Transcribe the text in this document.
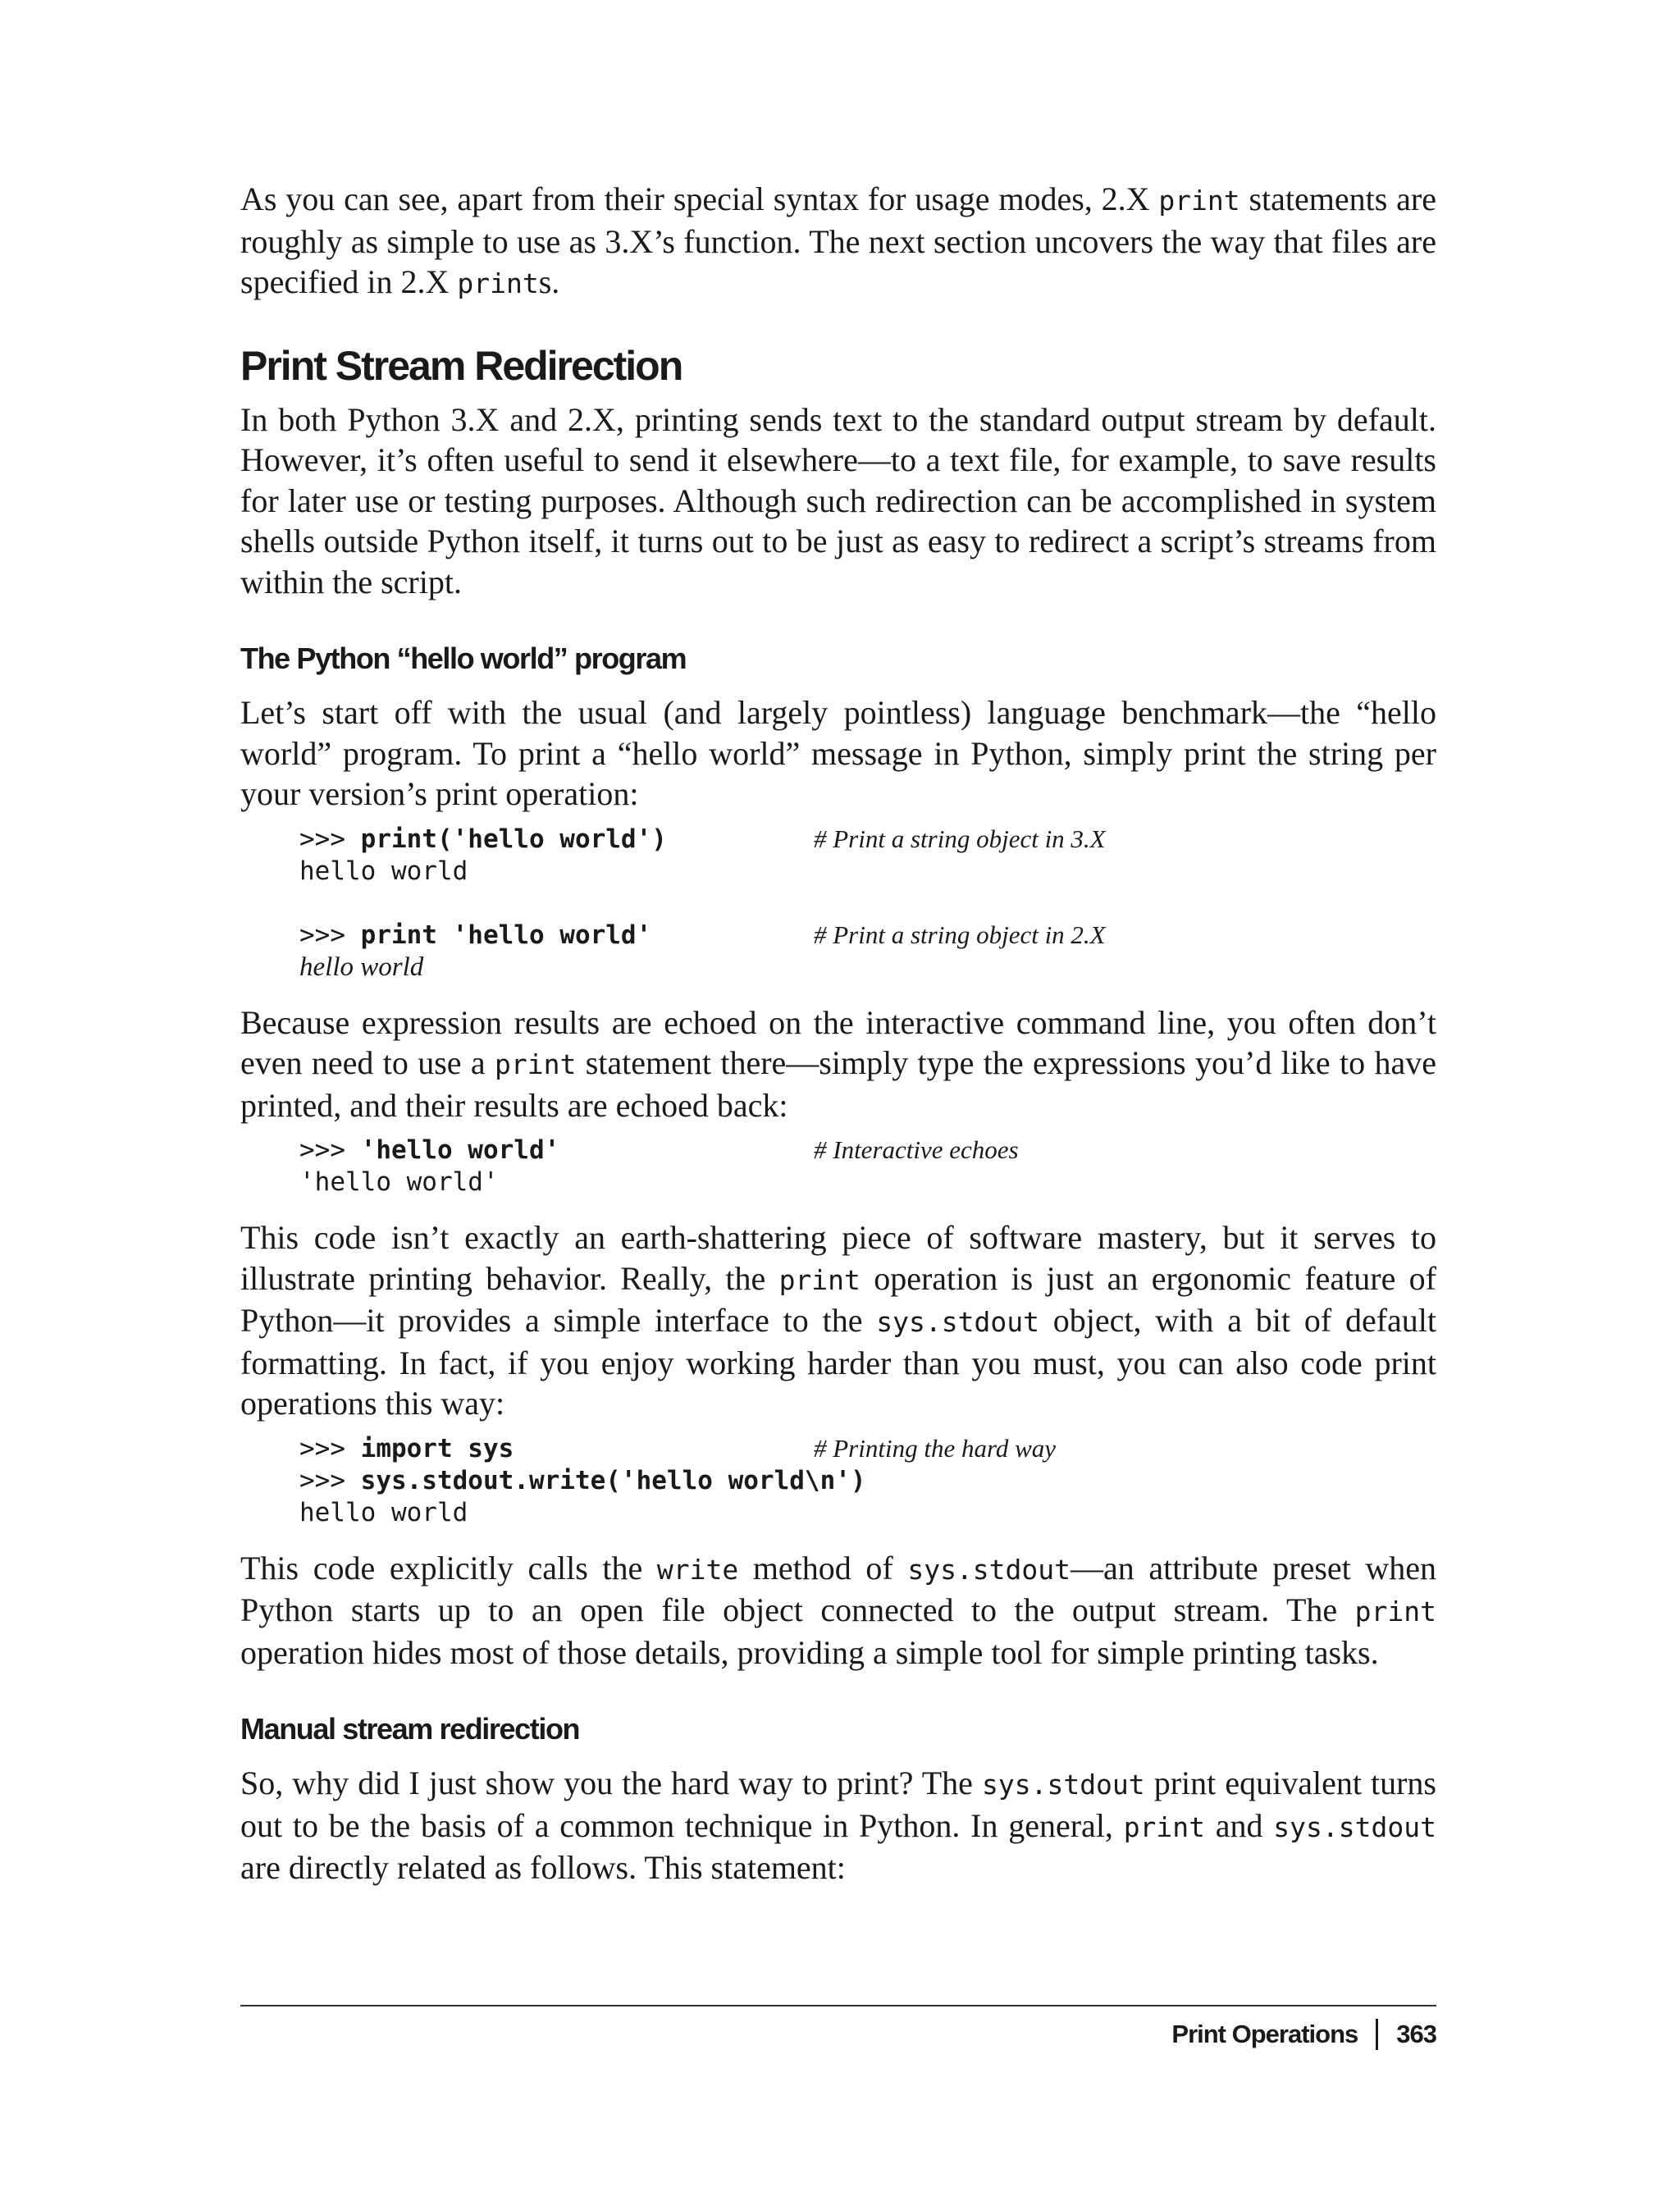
As you can see, apart from their special syntax for usage modes, 2.X print statements are roughly as simple to use as 3.X’s function. The next section uncovers the way that files are specified in 2.X prints.

Print Stream Redirection

In both Python 3.X and 2.X, printing sends text to the standard output stream by default. However, it’s often useful to send it elsewhere—to a text file, for example, to save results for later use or testing purposes. Although such redirection can be accomplished in system shells outside Python itself, it turns out to be just as easy to redirect a script’s streams from within the script.

The Python “hello world” program

Let’s start off with the usual (and largely pointless) language benchmark—the “hello world” program. To print a “hello world” message in Python, simply print the string per your version’s print operation:

>>> print('hello world')	# Print a string object in 3.X
hello world
>>> print 'hello world'	# Print a string object in 2.X
hello world

Because expression results are echoed on the interactive command line, you often don’t even need to use a print statement there—simply type the expressions you’d like to have printed, and their results are echoed back:

>>> 'hello world'	# Interactive echoes
'hello world'

This code isn’t exactly an earth-shattering piece of software mastery, but it serves to illustrate printing behavior. Really, the print operation is just an ergonomic feature of Python—it provides a simple interface to the sys.stdout object, with a bit of default formatting. In fact, if you enjoy working harder than you must, you can also code print operations this way:

>>> import sys	# Printing the hard way
>>> sys.stdout.write('hello world\n')
hello world

This code explicitly calls the write method of sys.stdout—an attribute preset when Python starts up to an open file object connected to the output stream. The print operation hides most of those details, providing a simple tool for simple printing tasks.

Manual stream redirection

So, why did I just show you the hard way to print? The sys.stdout print equivalent turns out to be the basis of a common technique in Python. In general, print and sys.stdout are directly related as follows. This statement:

Print Operations 363
